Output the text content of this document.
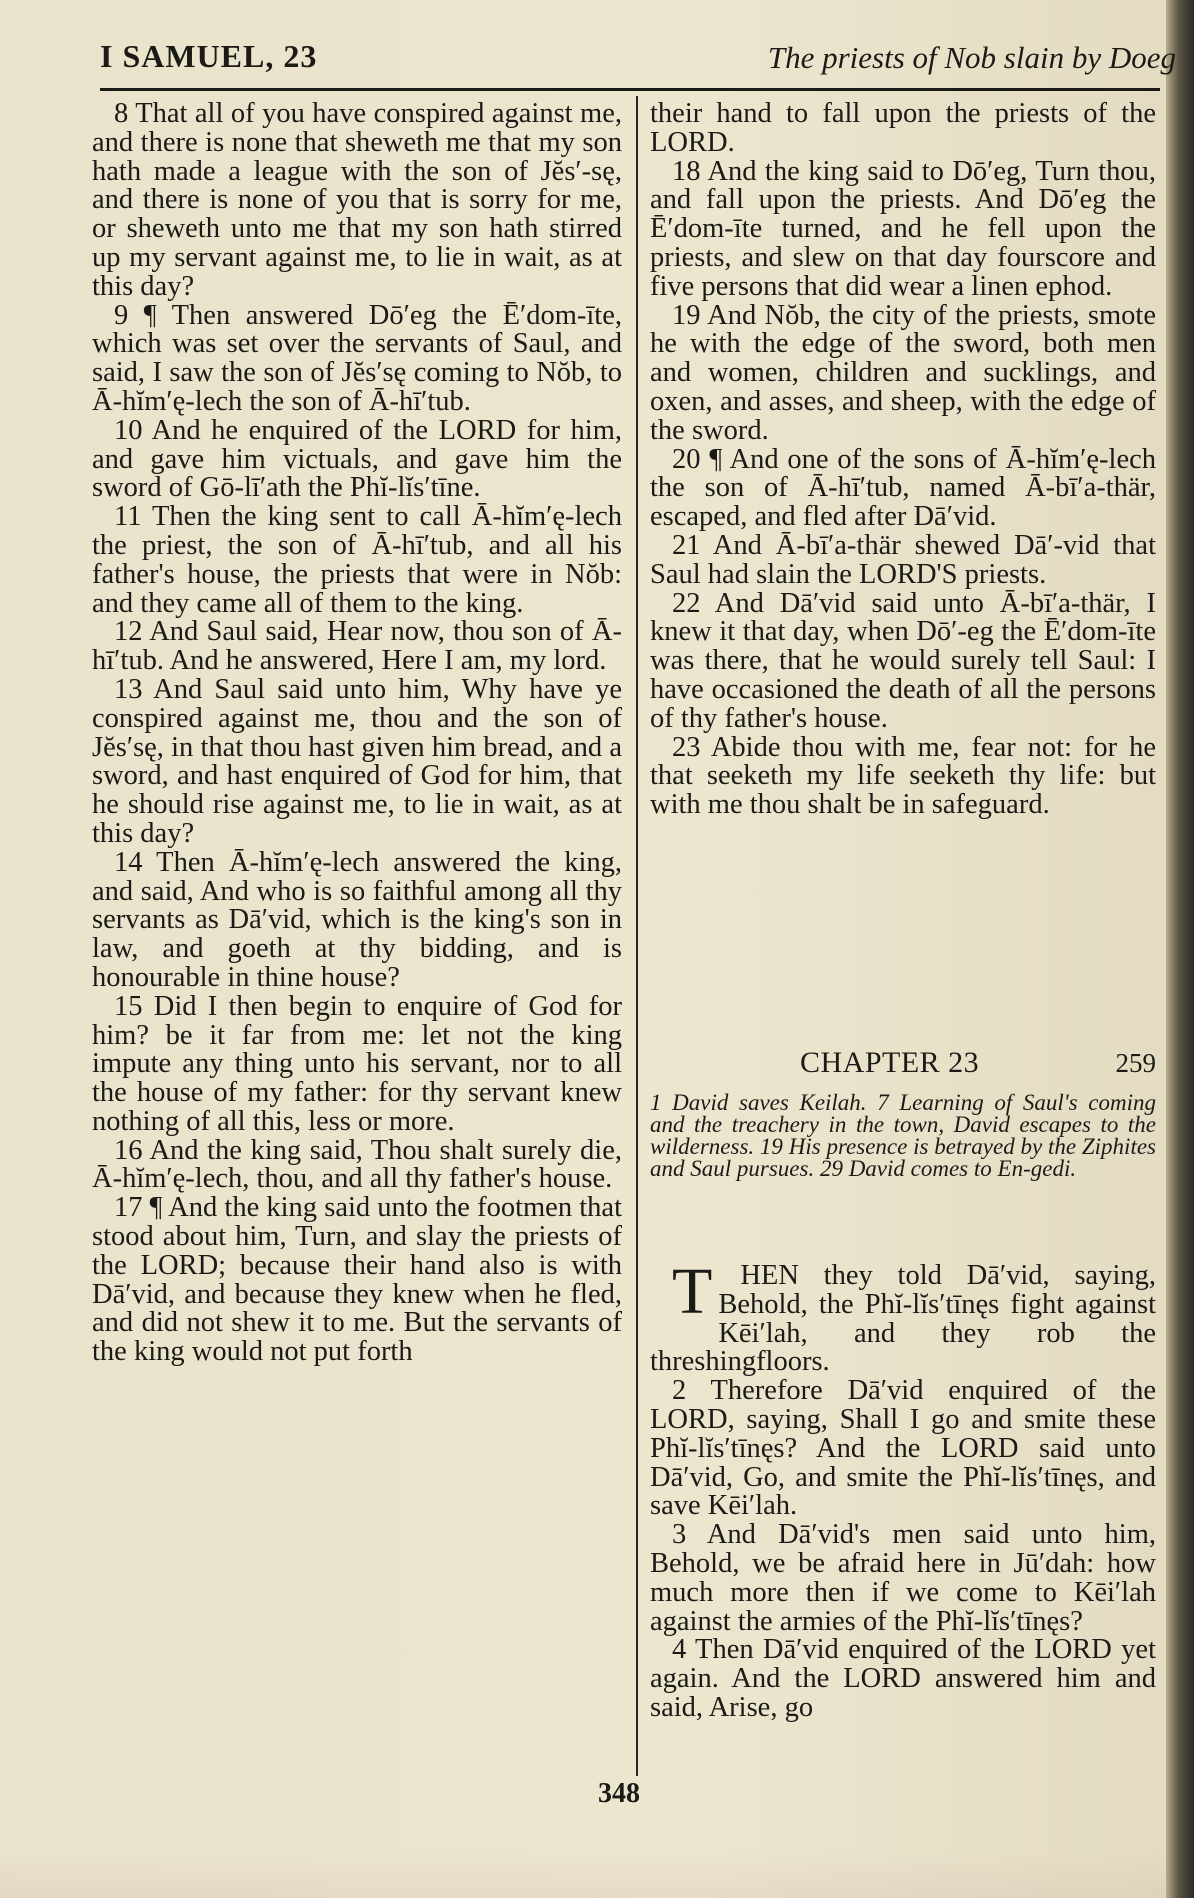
I SAMUEL, 23	The priests of Nob slain by Doeg

8 That all of you have conspired against me, and there is none that sheweth me that my son hath made a league with the son of Jĕs′-sę, and there is none of you that is sorry for me, or sheweth unto me that my son hath stirred up my servant against me, to lie in wait, as at this day?

9 ¶ Then answered Dō′eg the Ē′dom-īte, which was set over the servants of Saul, and said, I saw the son of Jĕs′sę coming to Nŏb, to Ā-hĭm′ę-lech the son of Ā-hī′tub.

10 And he enquired of the LORD for him, and gave him victuals, and gave him the sword of Gō-lī′ath the Phĭ-lĭs′tīne.

11 Then the king sent to call Ā-hĭm′ę-lech the priest, the son of Ā-hī′tub, and all his father's house, the priests that were in Nŏb: and they came all of them to the king.

12 And Saul said, Hear now, thou son of Ā-hī′tub. And he answered, Here I am, my lord.

13 And Saul said unto him, Why have ye conspired against me, thou and the son of Jĕs′sę, in that thou hast given him bread, and a sword, and hast enquired of God for him, that he should rise against me, to lie in wait, as at this day?

14 Then Ā-hĭm′ę-lech answered the king, and said, And who is so faithful among all thy servants as Dā′vid, which is the king's son in law, and goeth at thy bidding, and is honourable in thine house?

15 Did I then begin to enquire of God for him? be it far from me: let not the king impute any thing unto his servant, nor to all the house of my father: for thy servant knew nothing of all this, less or more.

16 And the king said, Thou shalt surely die, Ā-hĭm′ę-lech, thou, and all thy father's house.

17 ¶ And the king said unto the footmen that stood about him, Turn, and slay the priests of the LORD; because their hand also is with Dā′vid, and because they knew when he fled, and did not shew it to me. But the servants of the king would not put forth

their hand to fall upon the priests of the LORD.

18 And the king said to Dō′eg, Turn thou, and fall upon the priests. And Dō′eg the Ē′dom-īte turned, and he fell upon the priests, and slew on that day fourscore and five persons that did wear a linen ephod.

19 And Nŏb, the city of the priests, smote he with the edge of the sword, both men and women, children and sucklings, and oxen, and asses, and sheep, with the edge of the sword.

20 ¶ And one of the sons of Ā-hĭm′ę-lech the son of Ā-hī′tub, named Ā-bī′a-thär, escaped, and fled after Dā′vid.

21 And Ā-bī′a-thär shewed Dā′-vid that Saul had slain the LORD'S priests.

22 And Dā′vid said unto Ā-bī′a-thär, I knew it that day, when Dō′-eg the Ē′dom-īte was there, that he would surely tell Saul: I have occasioned the death of all the persons of thy father's house.

23 Abide thou with me, fear not: for he that seeketh my life seeketh thy life: but with me thou shalt be in safeguard.

CHAPTER 23	259
1 David saves Keilah. 7 Learning of Saul's coming and the treachery in the town, David escapes to the wilderness. 19 His presence is betrayed by the Ziphites and Saul pursues. 29 David comes to En-gedi.

THEN they told Dā′vid, saying, Behold, the Phĭ-lĭs′tīnęs fight against Kēi′lah, and they rob the threshingfloors.

2 Therefore Dā′vid enquired of the LORD, saying, Shall I go and smite these Phĭ-lĭs′tīnęs? And the LORD said unto Dā′vid, Go, and smite the Phĭ-lĭs′tīnęs, and save Kēi′lah.

3 And Dā′vid's men said unto him, Behold, we be afraid here in Jū′dah: how much more then if we come to Kēi′lah against the armies of the Phĭ-lĭs′tīnęs?

4 Then Dā′vid enquired of the LORD yet again. And the LORD answered him and said, Arise, go

348
